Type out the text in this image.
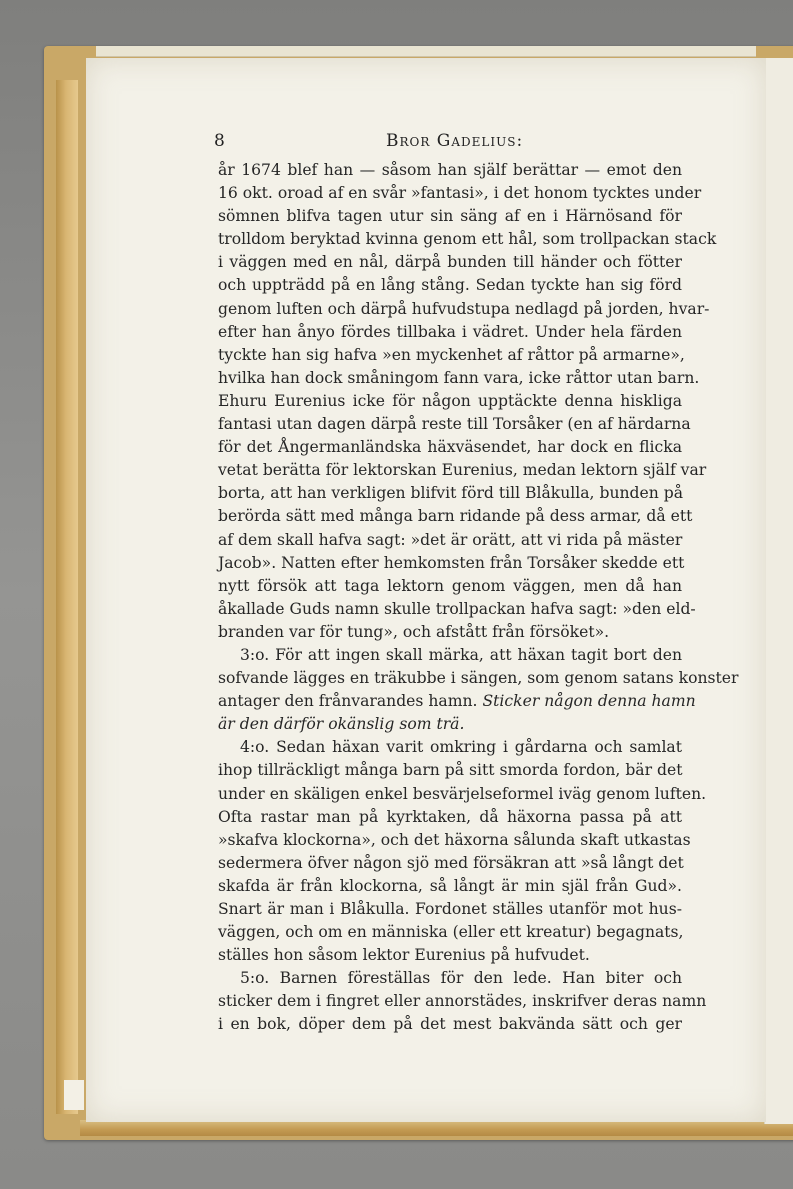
8	Bror Gadelius:
år 1674 blef han — såsom han själf berättar — emot den
16 okt. oroad af en svår »fantasi», i det honom tycktes under
sömnen blifva tagen utur sin säng af en i Härnösand för
trolldom beryktad kvinna genom ett hål, som trollpackan stack
i väggen med en nål, därpå bunden till händer och fötter
och uppträdd på en lång stång. Sedan tyckte han sig förd
genom luften och därpå hufvudstupa nedlagd på jorden, hvar-
efter han ånyo fördes tillbaka i vädret. Under hela färden
tyckte han sig hafva »en myckenhet af råttor på armarne»,
hvilka han dock småningom fann vara, icke råttor utan barn.
Ehuru Eurenius icke för någon upptäckte denna hiskliga
fantasi utan dagen därpå reste till Torsåker (en af härdarna
för det Ångermanländska häxväsendet, har dock en flicka
vetat berätta för lektorskan Eurenius, medan lektorn själf var
borta, att han verkligen blifvit förd till Blåkulla, bunden på
berörda sätt med många barn ridande på dess armar, då ett
af dem skall hafva sagt: »det är orätt, att vi rida på mäster
Jacob». Natten efter hemkomsten från Torsåker skedde ett
nytt försök att taga lektorn genom väggen, men då han
åkallade Guds namn skulle trollpackan hafva sagt: »den eld-
branden var för tung», och afstått från försöket».
3:o. För att ingen skall märka, att häxan tagit bort den
sofvande lägges en träkubbe i sängen, som genom satans konster
antager den frånvarandes hamn. Sticker någon denna hamn
är den därför okänslig som trä.
4:o. Sedan häxan varit omkring i gårdarna och samlat
ihop tillräckligt många barn på sitt smorda fordon, bär det
under en skäligen enkel besvärjelseformel iväg genom luften.
Ofta rastar man på kyrktaken, då häxorna passa på att
»skafva klockorna», och det häxorna sålunda skaft utkastas
sedermera öfver någon sjö med försäkran att »så långt det
skafda är från klockorna, så långt är min själ från Gud».
Snart är man i Blåkulla. Fordonet ställes utanför mot hus-
väggen, och om en människa (eller ett kreatur) begagnats,
ställes hon såsom lektor Eurenius på hufvudet.
5:o. Barnen föreställas för den lede. Han biter och
sticker dem i fingret eller annorstädes, inskrifver deras namn
i en bok, döper dem på det mest bakvända sätt och ger
